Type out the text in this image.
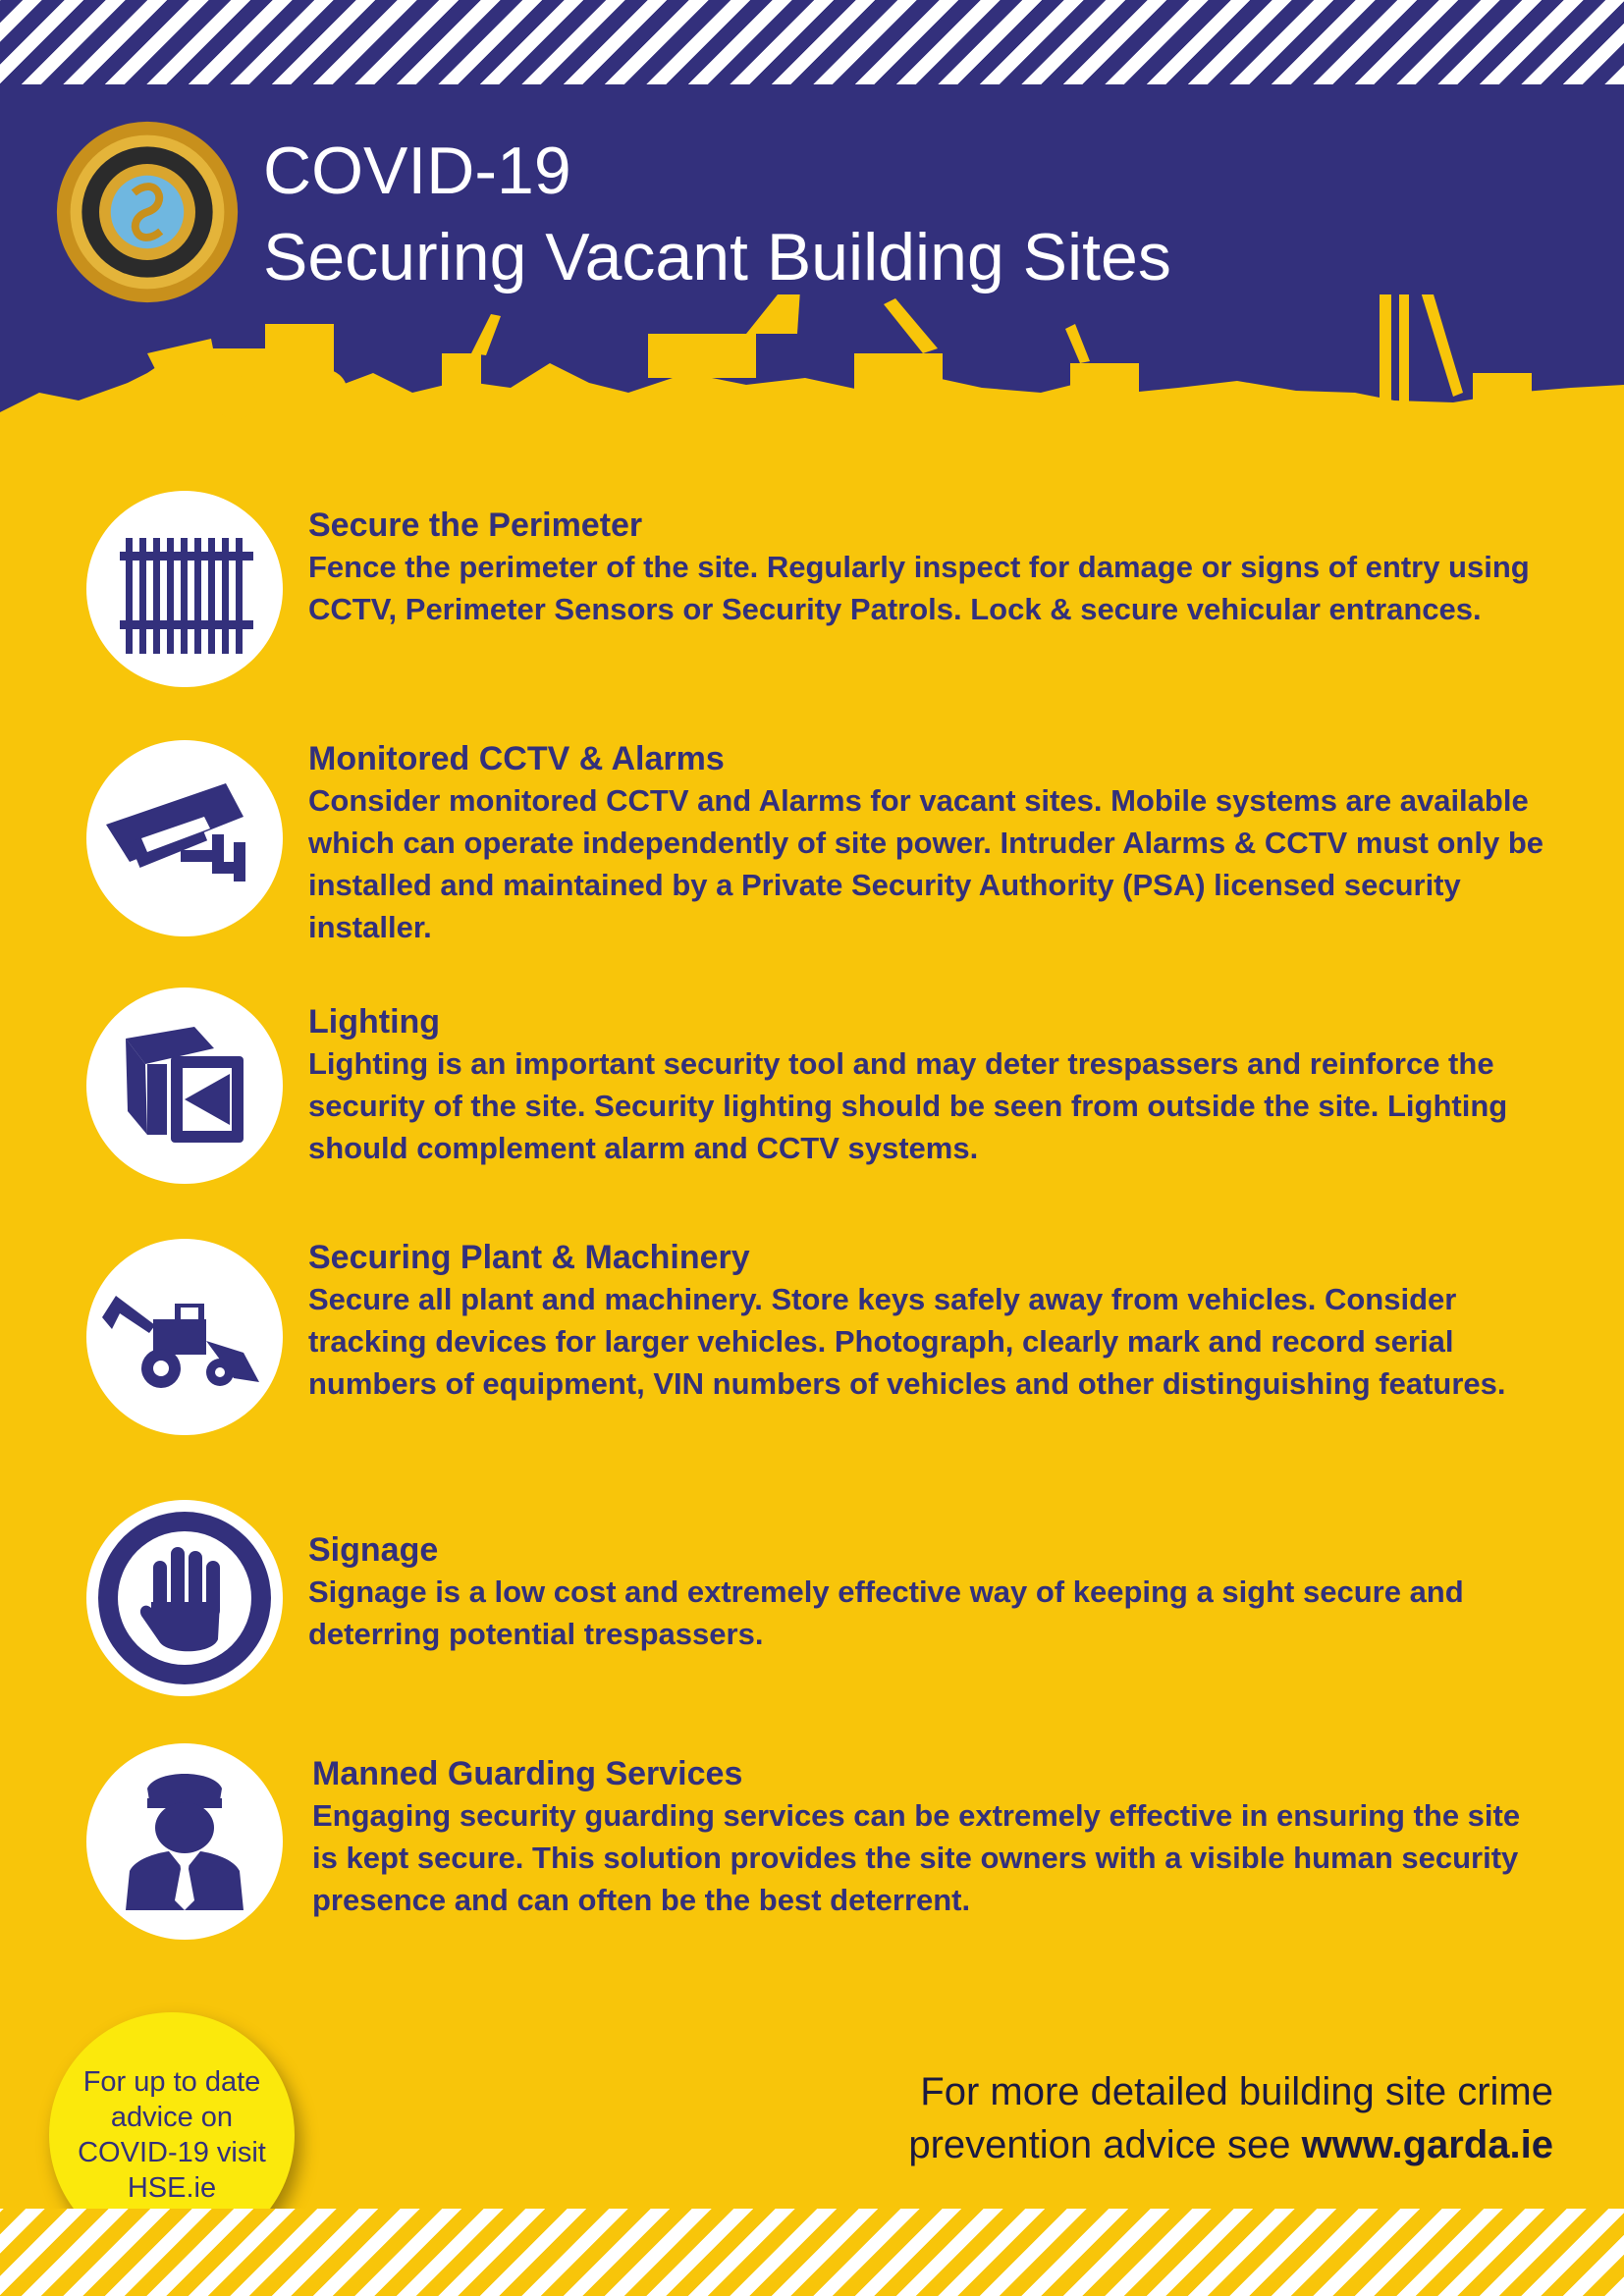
COVID-19
Securing Vacant Building Sites
Secure the Perimeter

Fence the perimeter of the site. Regularly inspect for damage or signs of entry using CCTV, Perimeter Sensors or Security Patrols. Lock & secure vehicular entrances.

Monitored CCTV & Alarms

Consider monitored CCTV and Alarms for vacant sites. Mobile systems are available which can operate independently of site power. Intruder Alarms & CCTV must only be installed and maintained by a Private Security Authority (PSA) licensed security installer.

Lighting

Lighting is an important security tool and may deter trespassers and reinforce the security of the site. Security lighting should be seen from outside the site. Lighting should complement alarm and CCTV systems.

Securing Plant & Machinery

Secure all plant and machinery. Store keys safely away from vehicles. Consider tracking devices for larger vehicles. Photograph, clearly mark and record serial numbers of equipment, VIN numbers of vehicles and other distinguishing features.

Signage

Signage is a low cost and extremely effective way of keeping a sight secure and deterring potential trespassers.

Manned Guarding Services

Engaging security guarding services can be extremely effective in ensuring the site is kept secure. This solution provides the site owners with a visible human security presence and can often be the best deterrent.

For up to date advice on COVID-19 visit HSE.ie

For more detailed building site crime
prevention advice see www.garda.ie
